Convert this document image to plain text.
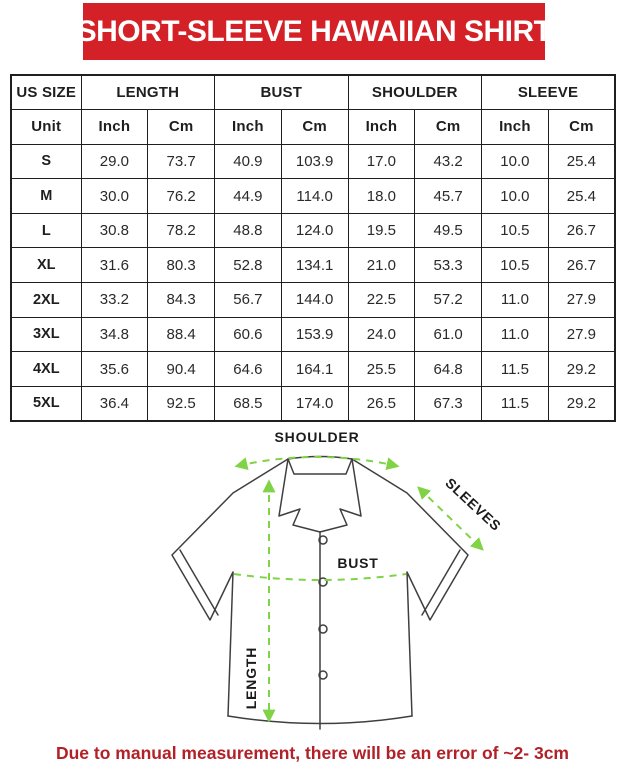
SHORT-SLEEVE HAWAIIAN SHIRT
US SIZE	LENGTH		BUST		SHOULDER		SLEEVE	
Unit	Inch	Cm	Inch	Cm	Inch	Cm	Inch	Cm
S	29.0	73.7	40.9	103.9	17.0	43.2	10.0	25.4
M	30.0	76.2	44.9	114.0	18.0	45.7	10.0	25.4
L	30.8	78.2	48.8	124.0	19.5	49.5	10.5	26.7
XL	31.6	80.3	52.8	134.1	21.0	53.3	10.5	26.7
2XL	33.2	84.3	56.7	144.0	22.5	57.2	11.0	27.9
3XL	34.8	88.4	60.6	153.9	24.0	61.0	11.0	27.9
4XL	35.6	90.4	64.6	164.1	25.5	64.8	11.5	29.2
5XL	36.4	92.5	68.5	174.0	26.5	67.3	11.5	29.2
SHOULDER
SLEEVES
BUST
LENGTH
Due to manual measurement, there will be an error of ~2- 3cm
